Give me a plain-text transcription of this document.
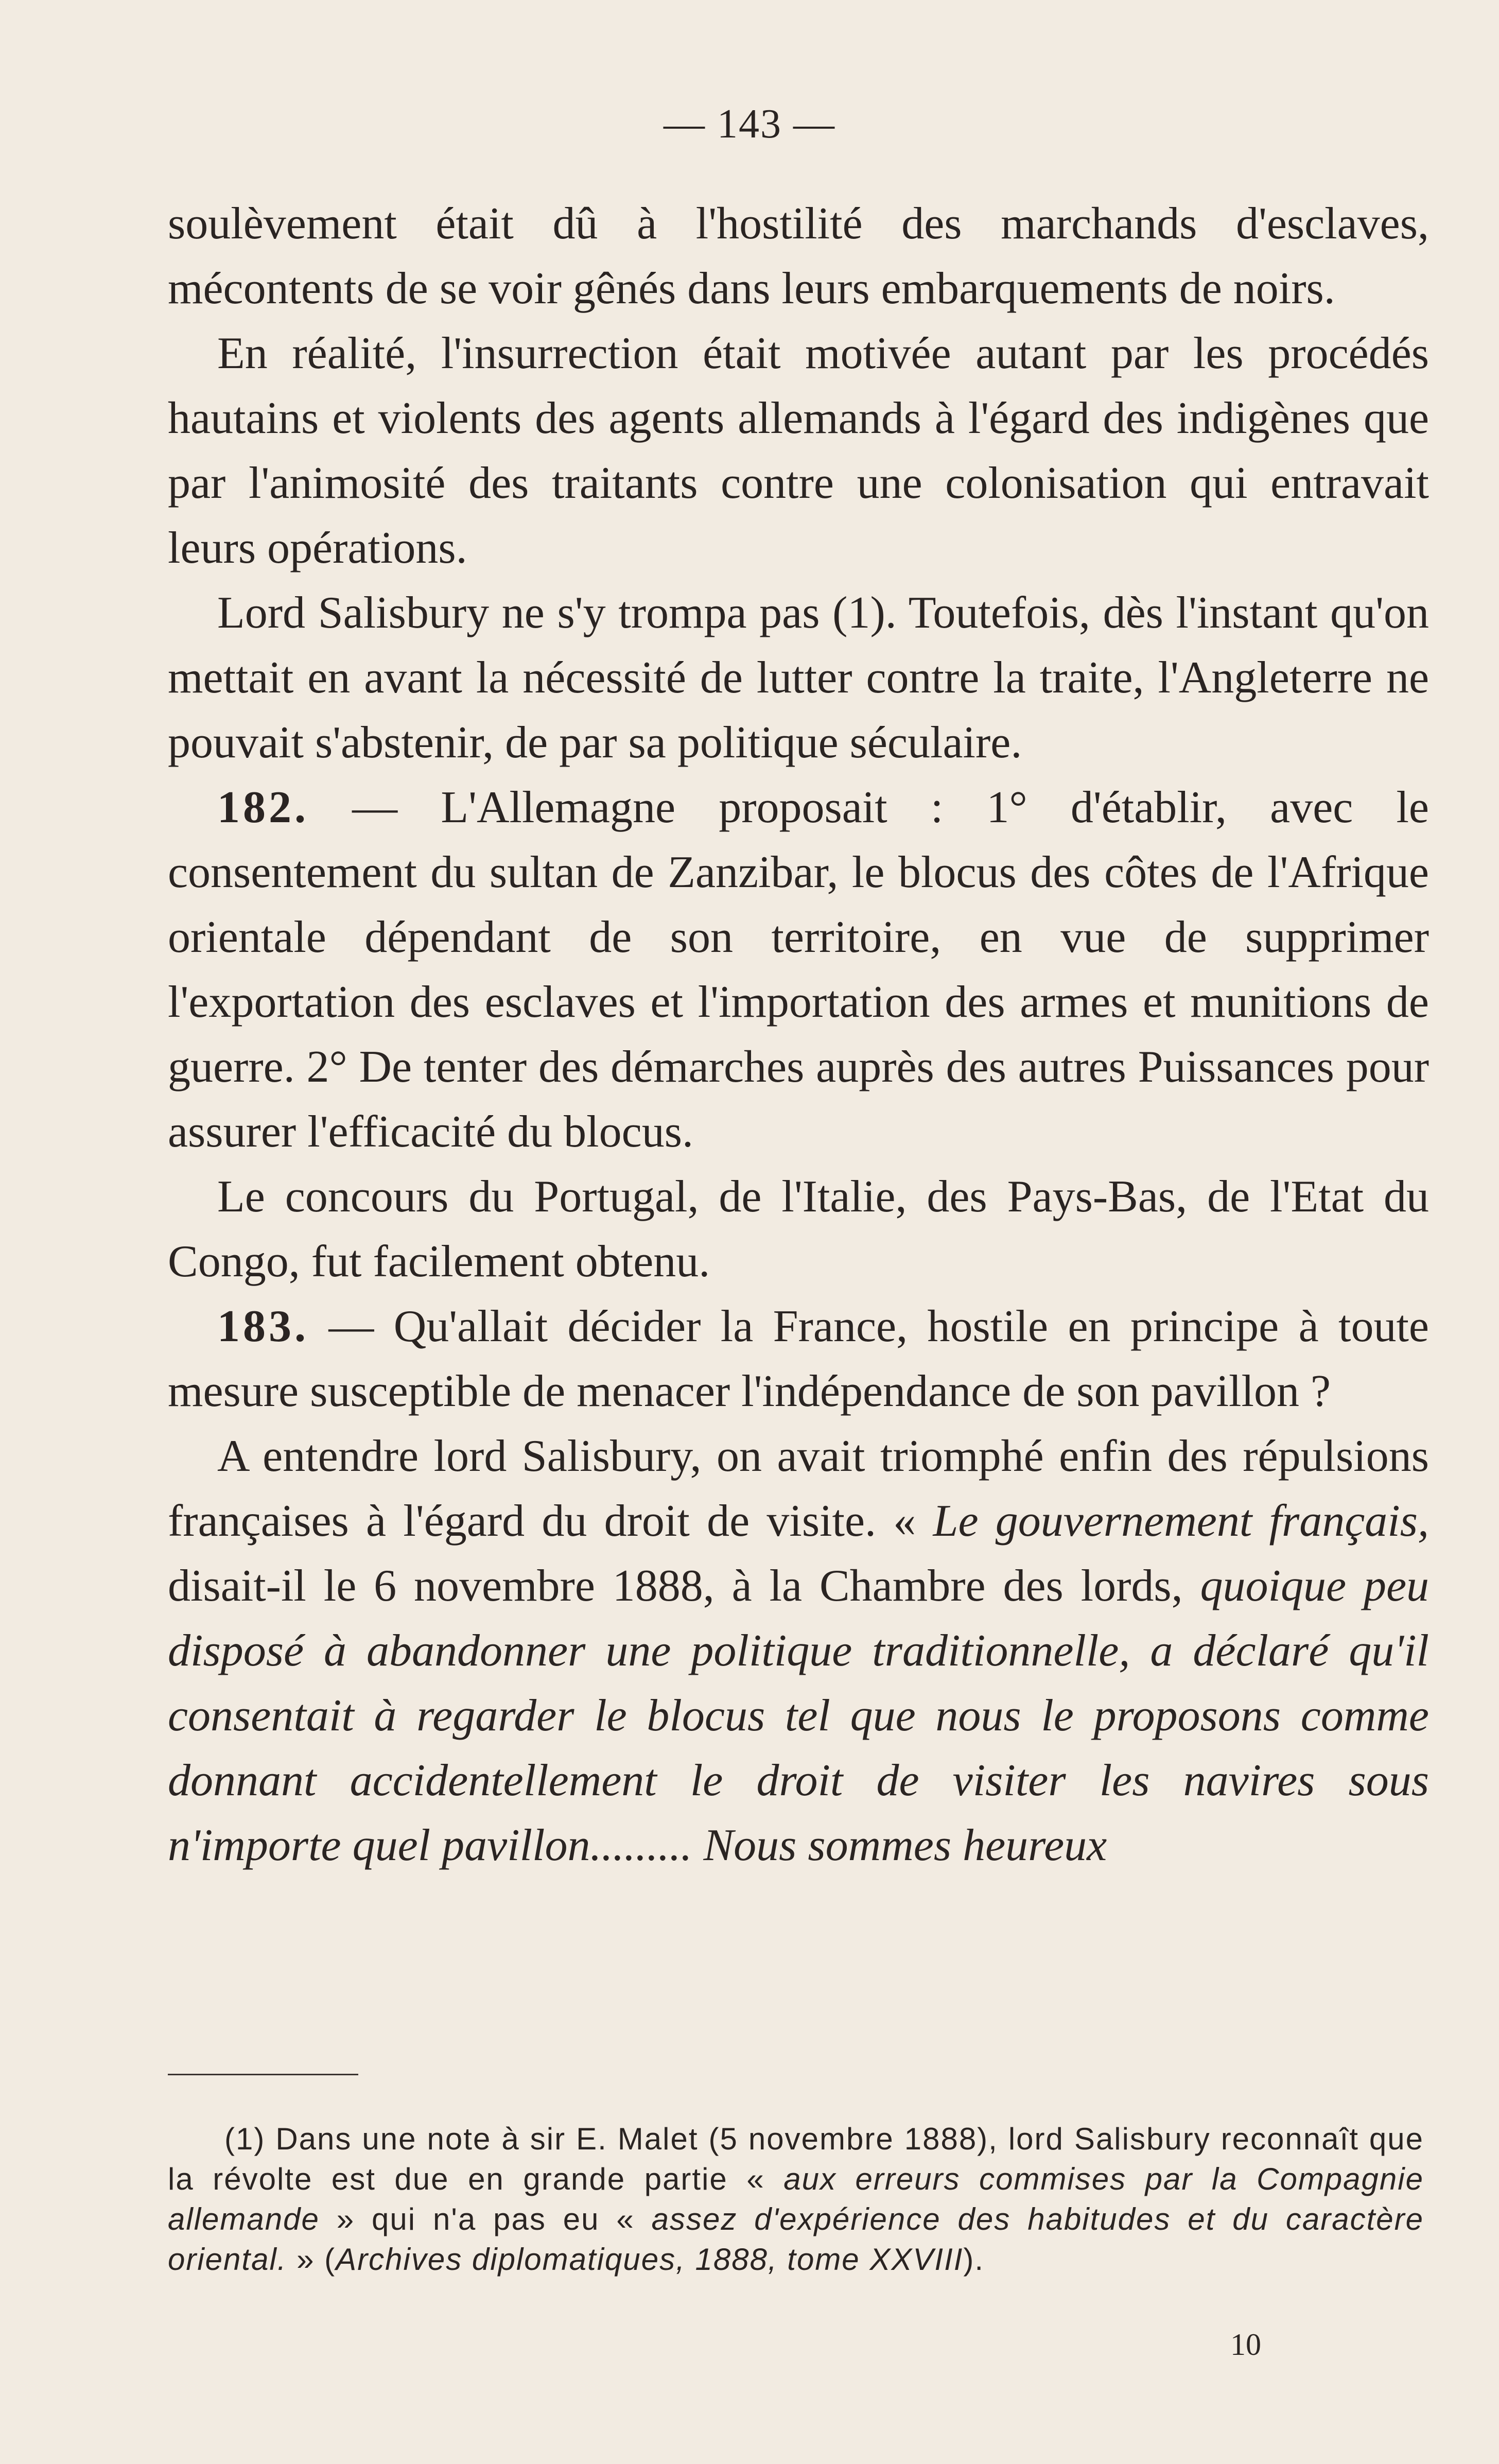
— 143 —

soulèvement était dû à l'hostilité des marchands d'esclaves, mécontents de se voir gênés dans leurs embarquements de noirs.

En réalité, l'insurrection était motivée autant par les procédés hautains et violents des agents allemands à l'égard des indigènes que par l'animosité des traitants contre une colonisation qui entravait leurs opérations.

Lord Salisbury ne s'y trompa pas (1). Toutefois, dès l'instant qu'on mettait en avant la nécessité de lutter contre la traite, l'Angleterre ne pouvait s'abstenir, de par sa politique séculaire.

182. — L'Allemagne proposait : 1° d'établir, avec le consentement du sultan de Zanzibar, le blocus des côtes de l'Afrique orientale dépendant de son territoire, en vue de supprimer l'exportation des esclaves et l'importation des armes et munitions de guerre. 2° De tenter des démarches auprès des autres Puissances pour assurer l'efficacité du blocus.

Le concours du Portugal, de l'Italie, des Pays-Bas, de l'Etat du Congo, fut facilement obtenu.

183. — Qu'allait décider la France, hostile en principe à toute mesure susceptible de menacer l'indépendance de son pavillon ?

A entendre lord Salisbury, on avait triomphé enfin des répulsions françaises à l'égard du droit de visite. « Le gouvernement français, disait-il le 6 novembre 1888, à la Chambre des lords, quoique peu disposé à abandonner une politique traditionnelle, a déclaré qu'il consentait à regarder le blocus tel que nous le proposons comme donnant accidentellement le droit de visiter les navires sous n'importe quel pavillon......... Nous sommes heureux

(1) Dans une note à sir E. Malet (5 novembre 1888), lord Salisbury reconnaît que la révolte est due en grande partie « aux erreurs commises par la Compagnie allemande » qui n'a pas eu « assez d'expérience des habitudes et du caractère oriental. » (Archives diplomatiques, 1888, tome XXVIII).

10
